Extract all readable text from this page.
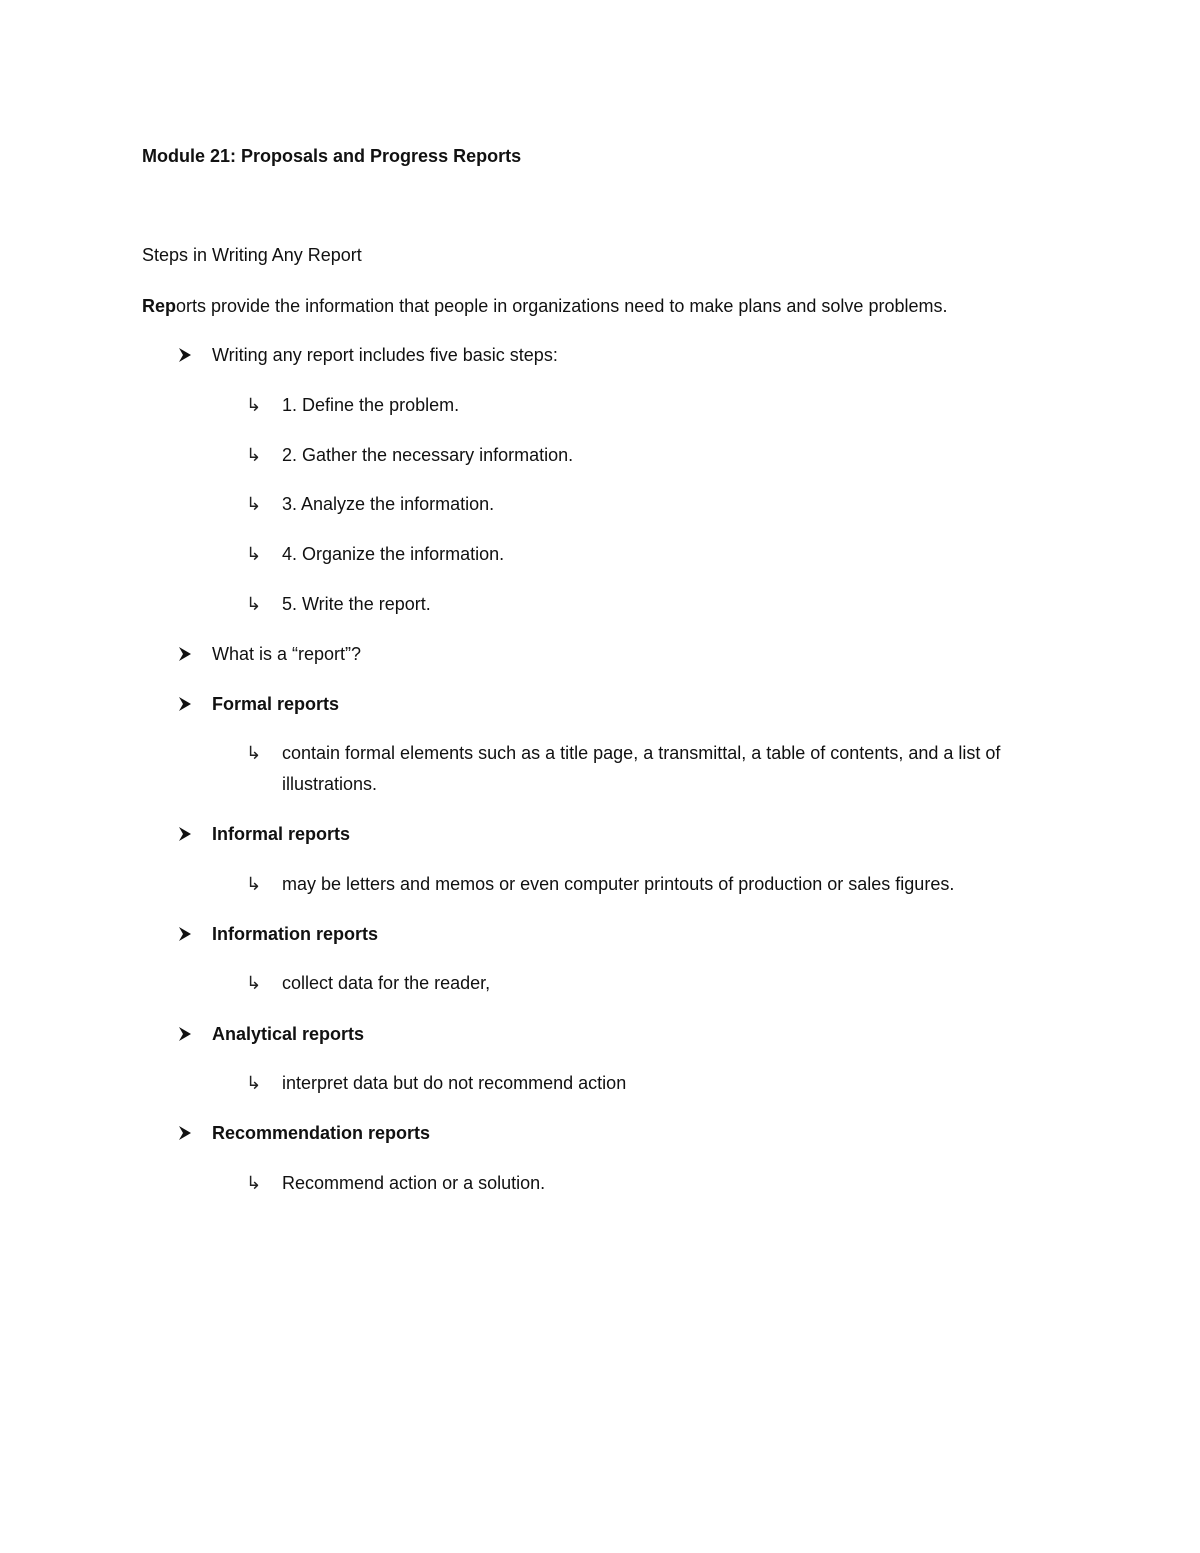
Module 21: Proposals and Progress Reports
Steps in Writing Any Report
Reports provide the information that people in organizations need to make plans and solve problems.
Writing any report includes five basic steps:
↳	1. Define the problem.
↳	2. Gather the necessary information.
↳	3. Analyze the information.
↳	4. Organize the information.
↳	5. Write the report.
What is a “report”?
Formal reports
↳	contain formal elements such as a title page, a transmittal, a table of contents, and a list of illustrations.
Informal reports
↳	may be letters and memos or even computer printouts of production or sales figures.
Information reports
↳	collect data for the reader,
Analytical reports
↳	interpret data but do not recommend action
Recommendation reports
↳	Recommend action or a solution.
